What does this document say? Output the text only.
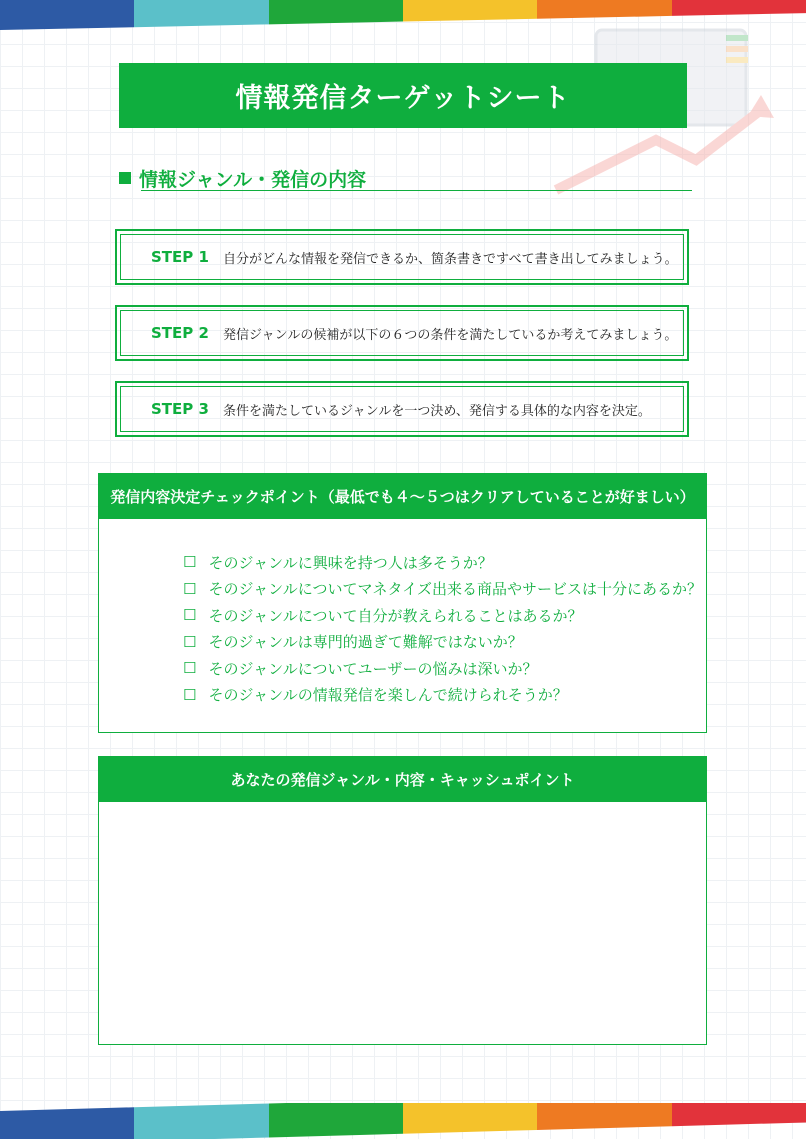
情報発信ターゲットシート
情報ジャンル・発信の内容
STEP 1 自分がどんな情報を発信できるか、箇条書きですべて書き出してみましょう。
STEP 2 発信ジャンルの候補が以下の６つの条件を満たしているか考えてみましょう。
STEP 3 条件を満たしているジャンルを一つ決め、発信する具体的な内容を決定。
発信内容決定チェックポイント（最低でも４～５つはクリアしていることが好ましい）
☐ そのジャンルに興味を持つ人は多そうか？
☐ そのジャンルについてマネタイズ出来る商品やサービスは十分にあるか？
☐ そのジャンルについて自分が教えられることはあるか？
☐ そのジャンルは専門的過ぎて難解ではないか？
☐ そのジャンルについてユーザーの悩みは深いか？
☐ そのジャンルの情報発信を楽しんで続けられそうか？
あなたの発信ジャンル・内容・キャッシュポイント
